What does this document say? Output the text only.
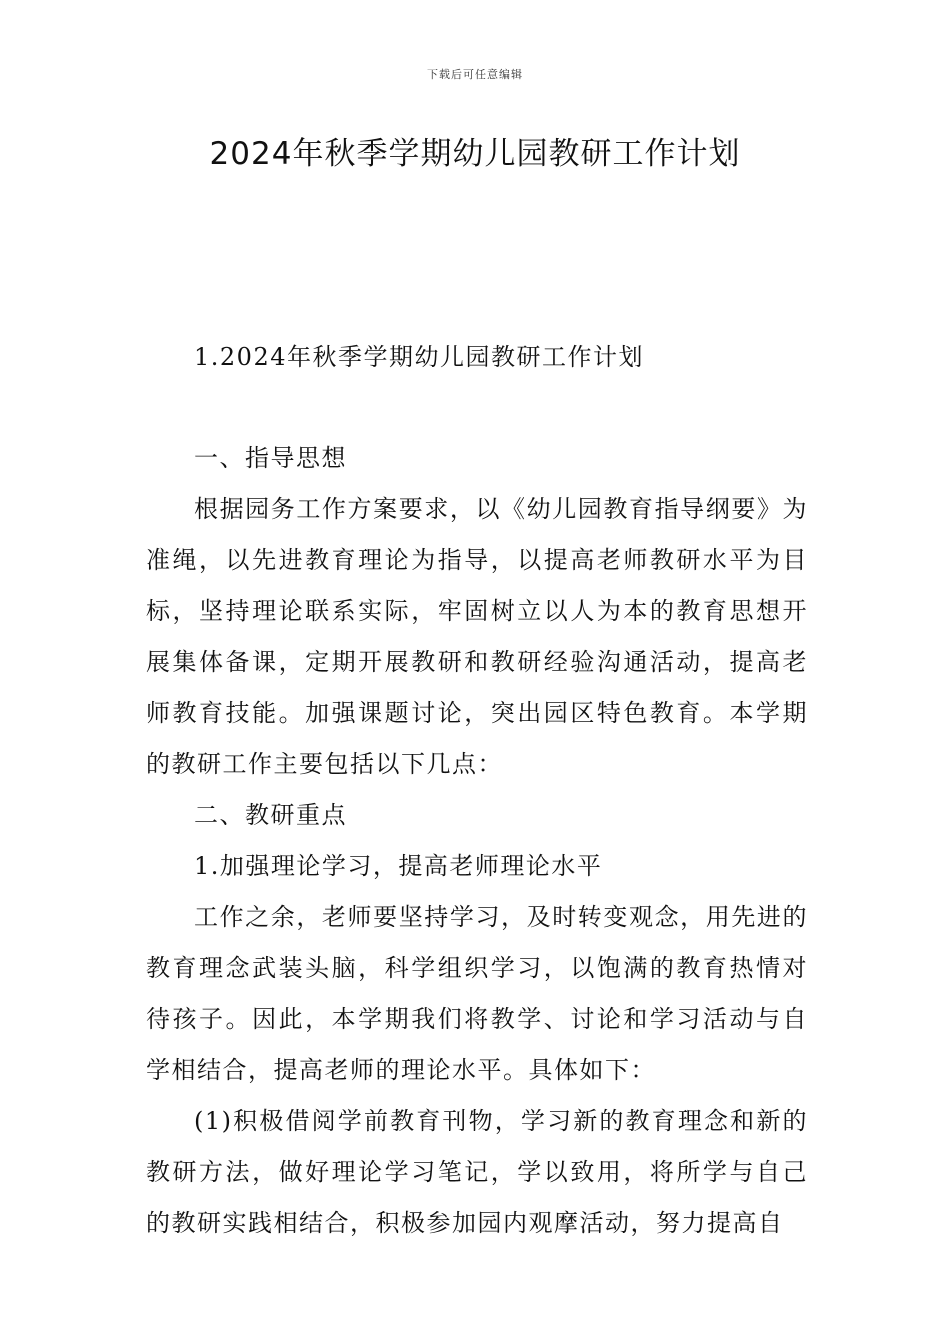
下载后可任意编辑
2024年秋季学期幼儿园教研工作计划

1.2024年秋季学期幼儿园教研工作计划

一、指导思想

根据园务工作方案要求，以《幼儿园教育指导纲要》为准绳，以先进教育理论为指导，以提高老师教研水平为目标，坚持理论联系实际，牢固树立以人为本的教育思想开展集体备课，定期开展教研和教研经验沟通活动，提高老师教育技能。加强课题讨论，突出园区特色教育。本学期的教研工作主要包括以下几点：

二、教研重点

1.加强理论学习，提高老师理论水平

工作之余，老师要坚持学习，及时转变观念，用先进的教育理念武装头脑，科学组织学习，以饱满的教育热情对待孩子。因此，本学期我们将教学、讨论和学习活动与自学相结合，提高老师的理论水平。具体如下：

(1)积极借阅学前教育刊物，学习新的教育理念和新的教研方法，做好理论学习笔记，学以致用，将所学与自己的教研实践相结合，积极参加园内观摩活动，努力提高自
